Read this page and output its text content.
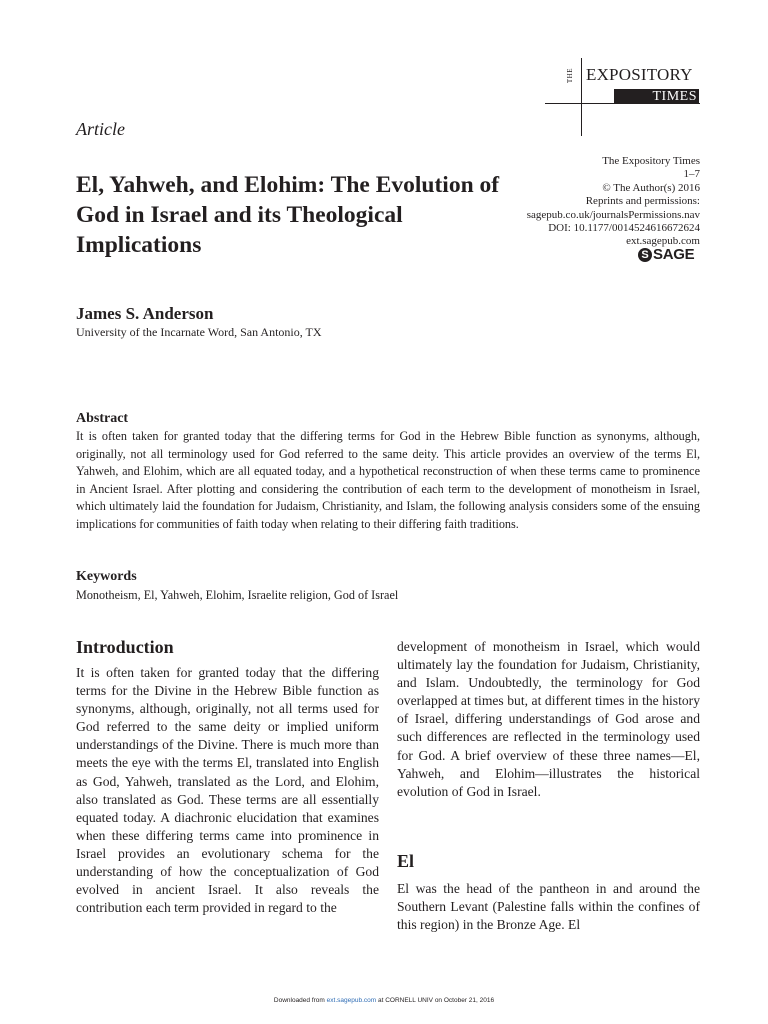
THE EXPOSITORY
TIMES
Article
El, Yahweh, and Elohim: The Evolution of God in Israel and its Theological Implications
The Expository Times
1–7
© The Author(s) 2016
Reprints and permissions:
sagepub.co.uk/journalsPermissions.nav
DOI: 10.1177/0014524616672624
ext.sagepub.com
S SAGE
James S. Anderson
University of the Incarnate Word, San Antonio, TX
Abstract

It is often taken for granted today that the differing terms for God in the Hebrew Bible function as synonyms, although, originally, not all terminology used for God referred to the same deity. This article provides an overview of the terms El, Yahweh, and Elohim, which are all equated today, and a hypothetical reconstruction of when these terms came to prominence in Ancient Israel. After plotting and considering the contribution of each term to the development of monotheism in Israel, which ultimately laid the foundation for Judaism, Christianity, and Islam, the following analysis considers some of the ensuing implications for communities of faith today when relating to their differing faith traditions.

Keywords
Monotheism, El, Yahweh, Elohim, Israelite religion, God of Israel
Introduction

It is often taken for granted today that the differing terms for the Divine in the Hebrew Bible function as synonyms, although, originally, not all terms used for God referred to the same deity or implied uniform understandings of the Divine. There is much more than meets the eye with the terms El, translated into English as God, Yahweh, translated as the Lord, and Elohim, also translated as God. These terms are all essentially equated today. A diachronic elucidation that examines when these differing terms came into prominence in Israel provides an evolutionary schema for the understanding of how the conceptualization of God evolved in ancient Israel. It also reveals the contribution each term provided in regard to the

development of monotheism in Israel, which would ultimately lay the foundation for Judaism, Christianity, and Islam. Undoubtedly, the terminology for God overlapped at times but, at different times in the history of Israel, differing understandings of God arose and such differences are reflected in the terminology used for God. A brief overview of these three names—El, Yahweh, and Elohim—illustrates the historical evolution of God in Israel.

El

El was the head of the pantheon in and around the Southern Levant (Palestine falls within the confines of this region) in the Bronze Age. El

Downloaded from ext.sagepub.com at CORNELL UNIV on October 21, 2016
